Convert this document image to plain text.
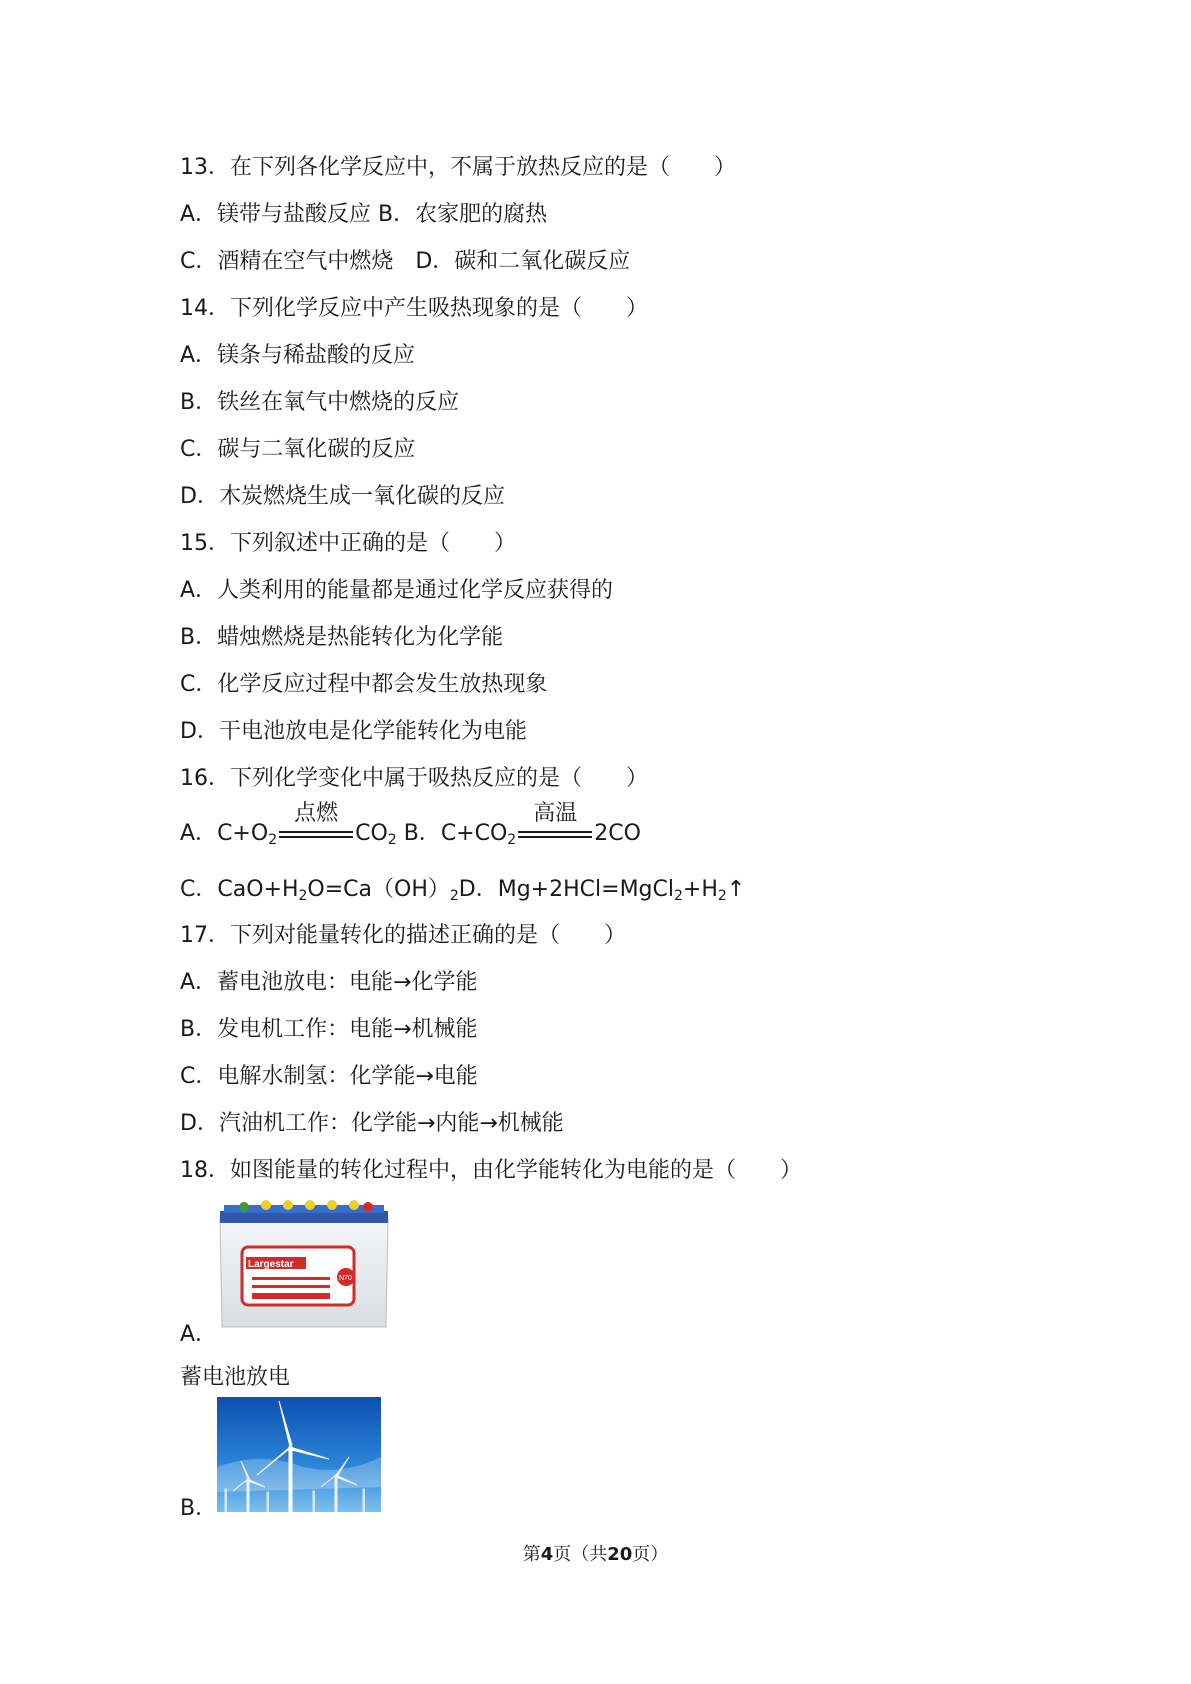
13．在下列各化学反应中，不属于放热反应的是（　　）
A．镁带与盐酸反应 B．农家肥的腐热
C．酒精在空气中燃烧　D．碳和二氧化碳反应
14．下列化学反应中产生吸热现象的是（　　）
A．镁条与稀盐酸的反应
B．铁丝在氧气中燃烧的反应
C．碳与二氧化碳的反应
D．木炭燃烧生成一氧化碳的反应
15．下列叙述中正确的是（　　）
A．人类利用的能量都是通过化学反应获得的
B．蜡烛燃烧是热能转化为化学能
C．化学反应过程中都会发生放热现象
D．干电池放电是化学能转化为电能
16．下列化学变化中属于吸热反应的是（　　）
A．$C+O_2$
点燃
$CO_2$ B．$C+CO_2$
高温
2CO
C．$CaO+H_2O=Ca(OH)_2D$．$Mg+2HCl=MgCl_2+H_2↑$
17．下列对能量转化的描述正确的是（　　）
A．蓄电池放电：电能→化学能
B．发电机工作：电能→机械能
C．电解水制氢：化学能→电能
D．汽油机工作：化学能→内能→机械能
18．如图能量的转化过程中，由化学能转化为电能的是（　　）
Largestar
N70
A．
蓄电池放电
B．
第4页（共20页）
